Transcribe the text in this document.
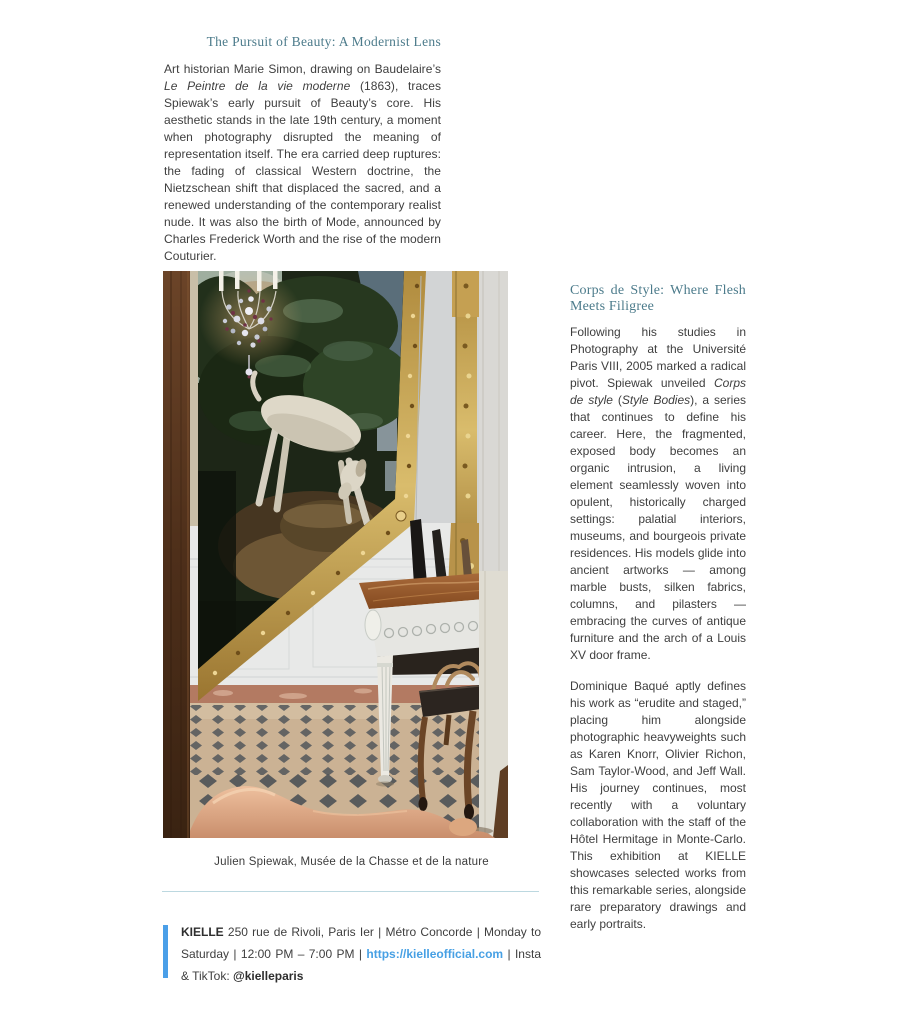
The Pursuit of Beauty: A Modernist Lens

Art historian Marie Simon, drawing on Baudelaire’s Le Peintre de la vie moderne (1863), traces Spiewak’s early pursuit of Beauty’s core. His aesthetic stands in the late 19th century, a moment when photography disrupted the meaning of representation itself. The era carried deep ruptures: the fading of classical Western doctrine, the Nietzschean shift that displaced the sacred, and a renewed understanding of the contemporary realist nude. It was also the birth of Mode, announced by Charles Frederick Worth and the rise of the modern Couturier.

Julien Spiewak, Musée de la Chasse et de la nature

KIELLE 250 rue de Rivoli, Paris Ier | Métro Concorde | Monday to Saturday | 12:00 PM – 7:00 PM | https://kielleofficial.com | Insta & TikTok: @kielleparis

Corps de Style: Where Flesh
Meets Filigree

Following his studies in Photography at the Université Paris VIII, 2005 marked a radical pivot. Spiewak unveiled Corps de style (Style Bodies), a series that continues to define his career. Here, the fragmented, exposed body becomes an organic intrusion, a living element seamlessly woven into opulent, historically charged settings: palatial interiors, museums, and bourgeois private residences. His models glide into ancient artworks — among marble busts, silken fabrics, columns, and pilasters — embracing the curves of antique furniture and the arch of a Louis XV door frame.

Dominique Baqué aptly defines his work as “erudite and staged,” placing him alongside photographic heavyweights such as Karen Knorr, Olivier Richon, Sam Taylor-Wood, and Jeff Wall. His journey continues, most recently with a voluntary collaboration with the staff of the Hôtel Hermitage in Monte-Carlo. This exhibition at KIELLE showcases selected works from this remarkable series, alongside rare preparatory drawings and early portraits.
